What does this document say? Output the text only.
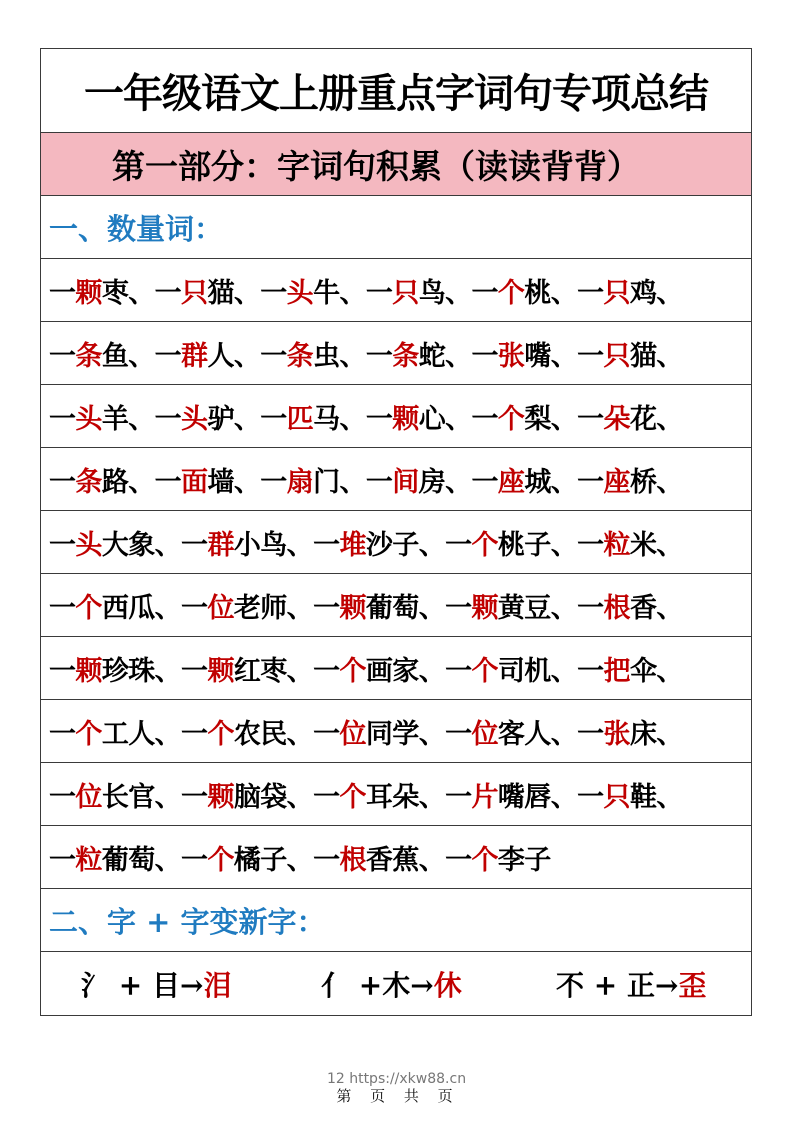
一年级语文上册重点字词句专项总结
第一部分：字词句积累（读读背背）
一、数量词：
一颗枣、一只猫、一头牛、一只鸟、一个桃、一只鸡、
一条鱼、一群人、一条虫、一条蛇、一张嘴、一只猫、
一头羊、一头驴、一匹马、一颗心、一个梨、一朵花、
一条路、一面墙、一扇门、一间房、一座城、一座桥、
一头大象、一群小鸟、一堆沙子、一个桃子、一粒米、
一个西瓜、一位老师、一颗葡萄、一颗黄豆、一根香、
一颗珍珠、一颗红枣、一个画家、一个司机、一把伞、
一个工人、一个农民、一位同学、一位客人、一张床、
一位长官、一颗脑袋、一个耳朵、一片嘴唇、一只鞋、
一粒葡萄、一个橘子、一根香蕉、一个李子
二、字 + 字变新字：
氵 + 目→泪	亻 +木→休	不 + 正→歪
12 https://xkw88.cn
第 页 共 页
